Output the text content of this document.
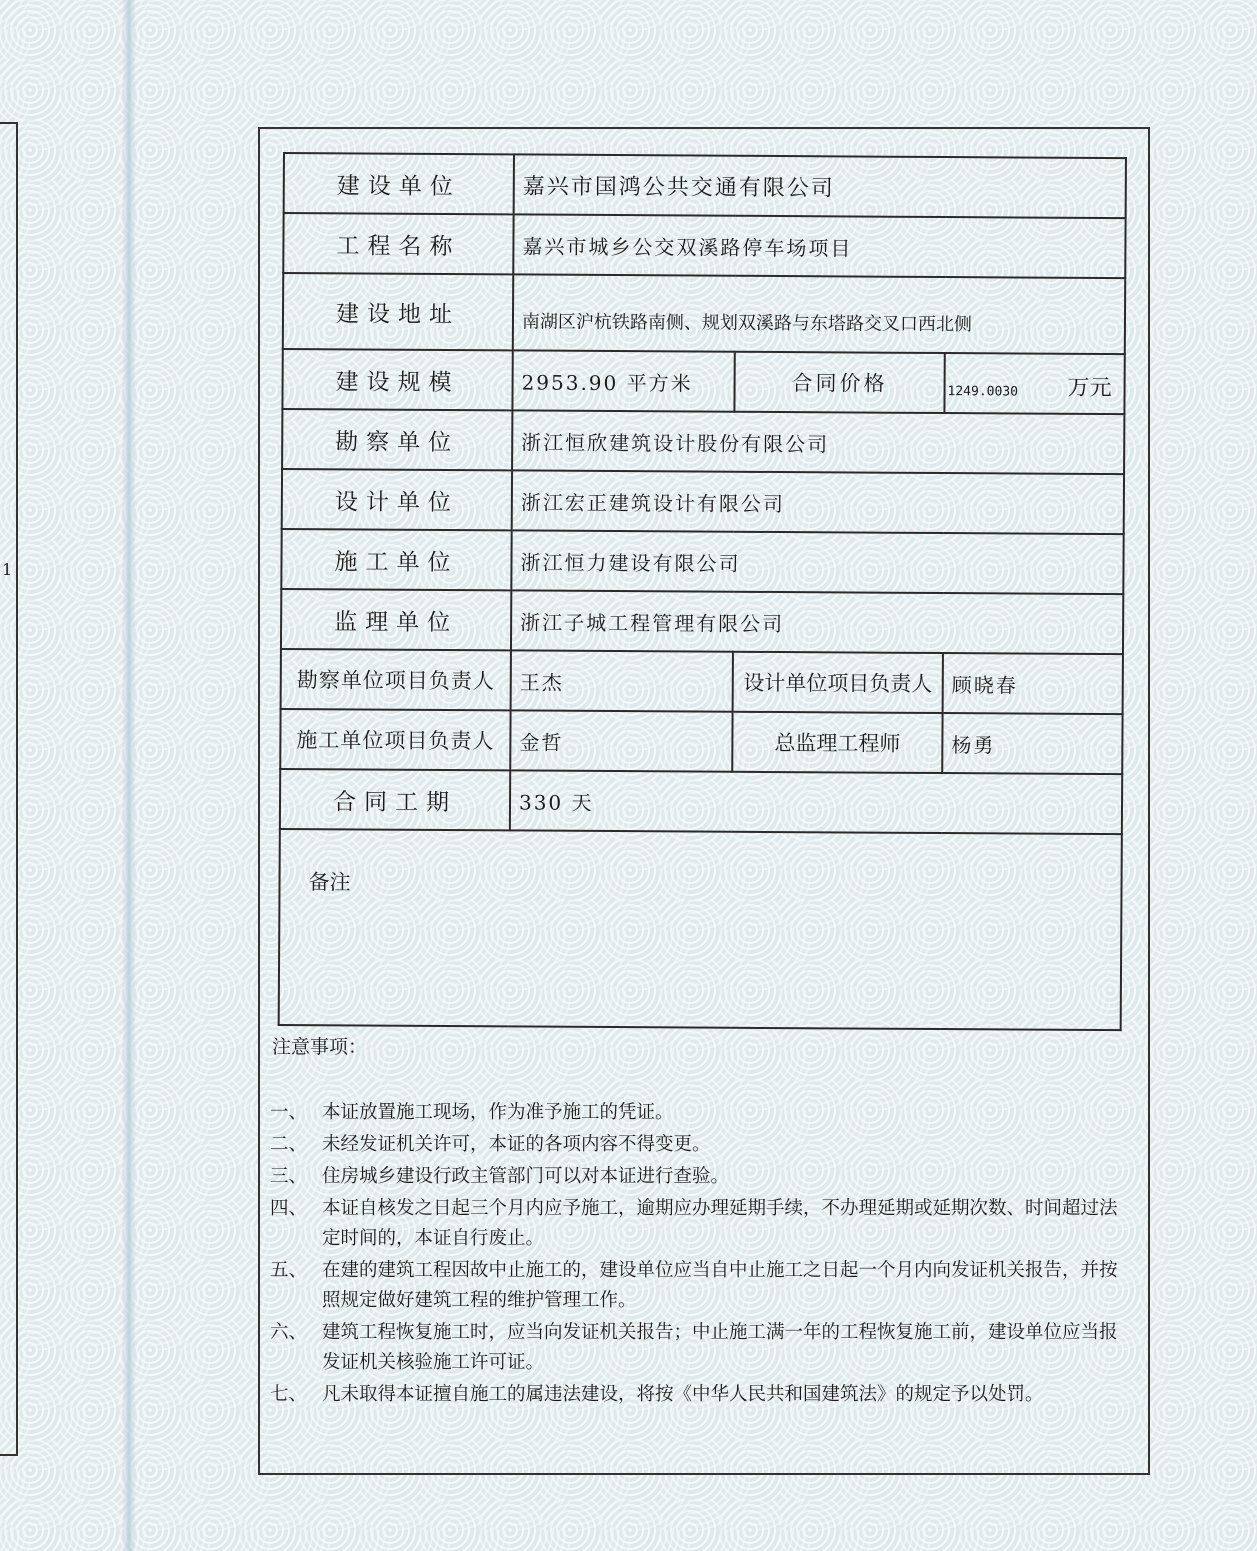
1
建设单位	嘉兴市国鸿公共交通有限公司		
工程名称	嘉兴市城乡公交双溪路停车场项目		
建设地址	南湖区沪杭铁路南侧、规划双溪路与东塔路交叉口西北侧		
建设规模	2953.90 平方米	合同价格	1249.0030 万元

勘察单位	浙江恒欣建筑设计股份有限公司		
设计单位	浙江宏正建筑设计有限公司		
施工单位	浙江恒力建设有限公司		
监理单位	浙江子城工程管理有限公司		
勘察单位项目负责人	王杰	设计单位项目负责人	顾晓春
施工单位项目负责人	金哲	总监理工程师	杨勇
合同工期	330 天		
备注			
注意事项：
一、 本证放置施工现场，作为准予施工的凭证。
二、 未经发证机关许可，本证的各项内容不得变更。
三、 住房城乡建设行政主管部门可以对本证进行查验。
四、 本证自核发之日起三个月内应予施工，逾期应办理延期手续，不办理延期或延期次数、时间超过法定时间的，本证自行废止。
五、 在建的建筑工程因故中止施工的，建设单位应当自中止施工之日起一个月内向发证机关报告，并按照规定做好建筑工程的维护管理工作。
六、 建筑工程恢复施工时，应当向发证机关报告；中止施工满一年的工程恢复施工前，建设单位应当报发证机关核验施工许可证。
七、 凡未取得本证擅自施工的属违法建设，将按《中华人民共和国建筑法》的规定予以处罚。
